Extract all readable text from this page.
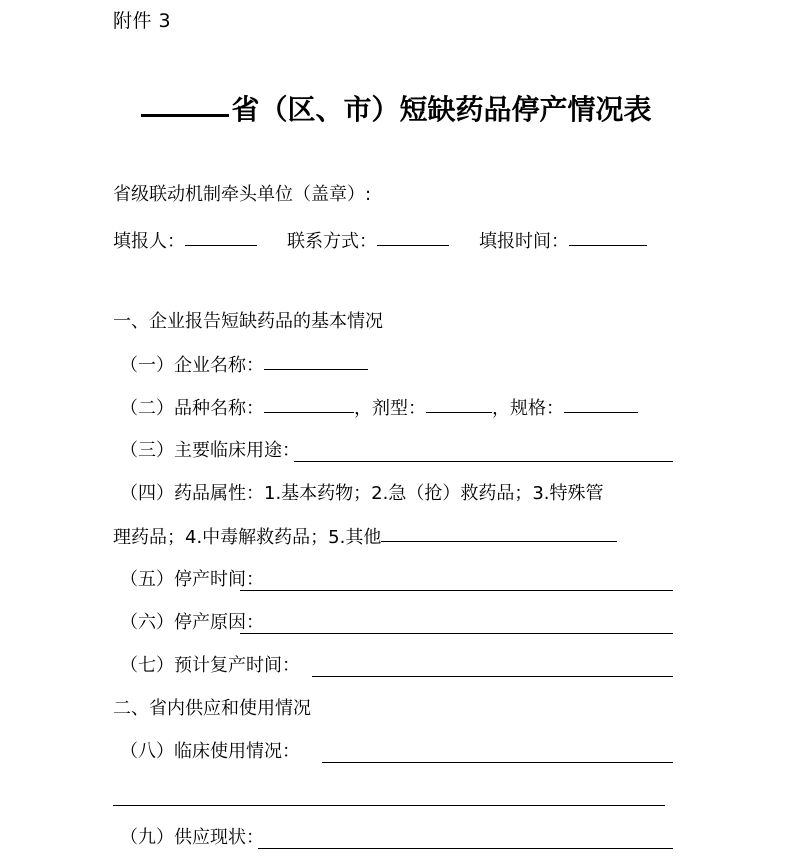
附件 3
省（区、市）短缺药品停产情况表
省级联动机制牵头单位（盖章）:
填报人：	联系方式：	填报时间：
一、企业报告短缺药品的基本情况
（一）企业名称：
（二）品种名称：	，剂型：	，规格：
（三）主要临床用途：
（四）药品属性：1.基本药物；2.急（抢）救药品；3.特殊管
理药品；4.中毒解救药品；5.其他
（五）停产时间：
（六）停产原因：
（七）预计复产时间：
二、省内供应和使用情况
（八）临床使用情况：
（九）供应现状：
